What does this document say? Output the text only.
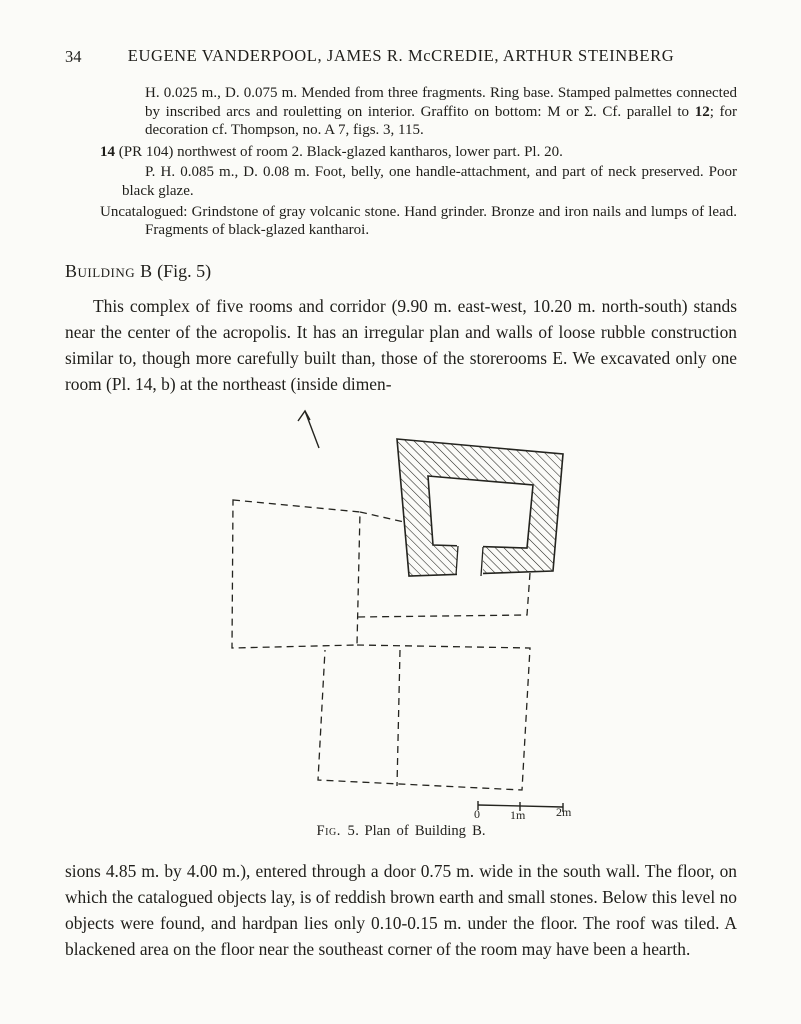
34	EUGENE VANDERPOOL, JAMES R. McCREDIE, ARTHUR STEINBERG

H. 0.025 m., D. 0.075 m. Mended from three fragments. Ring base. Stamped palmettes connected by inscribed arcs and rouletting on interior. Graffito on bottom: M or Σ. Cf. parallel to 12; for decoration cf. Thompson, no. A 7, figs. 3, 115.

14 (PR 104) northwest of room 2. Black-glazed kantharos, lower part. Pl. 20.

P. H. 0.085 m., D. 0.08 m. Foot, belly, one handle-attachment, and part of neck preserved. Poor black glaze.

Uncatalogued: Grindstone of gray volcanic stone. Hand grinder. Bronze and iron nails and lumps of lead. Fragments of black-glazed kantharoi.

Building B (Fig. 5)

This complex of five rooms and corridor (9.90 m. east-west, 10.20 m. north-south) stands near the center of the acropolis. It has an irregular plan and walls of loose rubble construction similar to, though more carefully built than, those of the storerooms E. We excavated only one room (Pl. 14, b) at the northeast (inside dimen-

0	1m	2m
Fig. 5. Plan of Building B.

sions 4.85 m. by 4.00 m.), entered through a door 0.75 m. wide in the south wall. The floor, on which the catalogued objects lay, is of reddish brown earth and small stones. Below this level no objects were found, and hardpan lies only 0.10-0.15 m. under the floor. The roof was tiled. A blackened area on the floor near the southeast corner of the room may have been a hearth.
